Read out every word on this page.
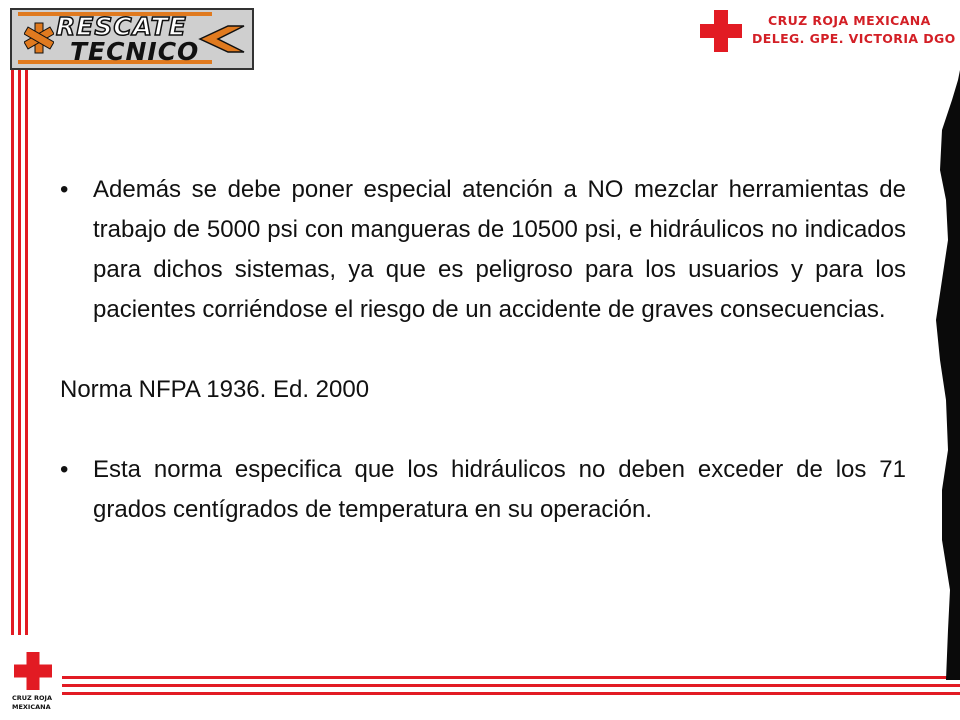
RESCATE
TECNICO
CRUZ ROJA MEXICANA
DELEG. GPE. VICTORIA DGO
• Además se debe poner especial atención a NO mezclar herramientas de trabajo de 5000 psi con mangueras de 10500 psi, e hidráulicos no indicados para dichos sistemas, ya que es peligroso para los usuarios y para los pacientes corriéndose el riesgo de un accidente de graves consecuencias.
Norma NFPA 1936. Ed. 2000
• Esta norma especifica que los hidráulicos no deben exceder de los 71 grados centígrados de temperatura en su operación.
CRUZ ROJA
MEXICANA
